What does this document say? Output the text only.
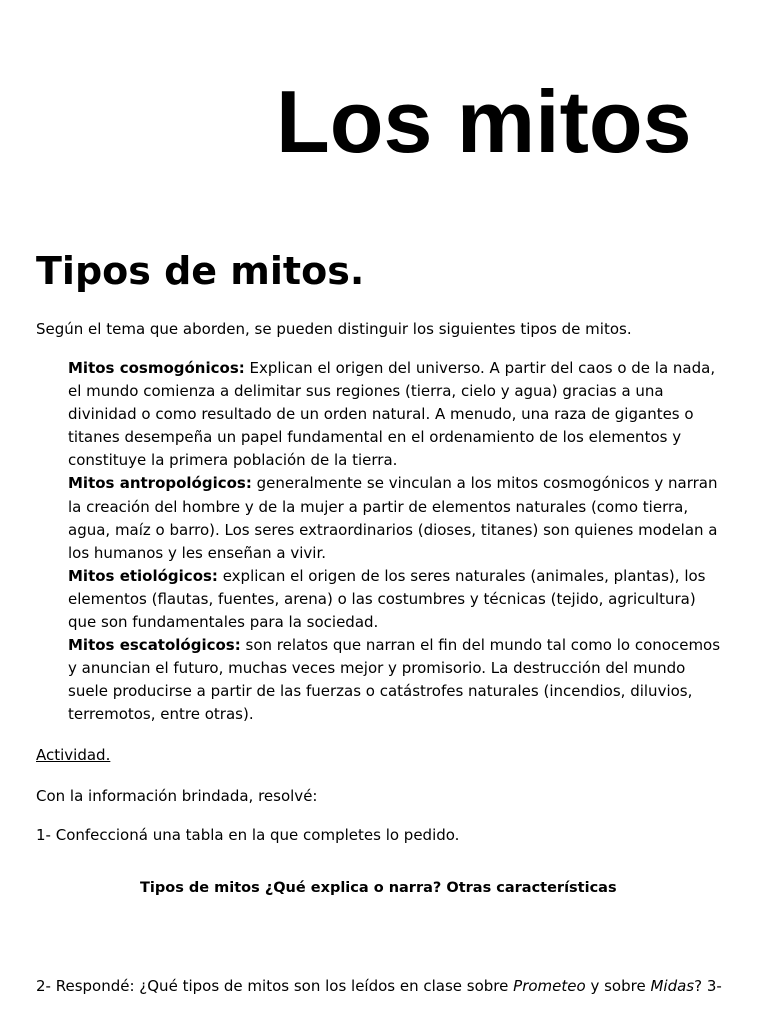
Los mitos
Tipos de mitos.

Según el tema que aborden, se pueden distinguir los siguientes tipos de mitos.

Mitos cosmogónicos: Explican el origen del universo. A partir del caos o de la nada, el mundo comienza a delimitar sus regiones (tierra, cielo y agua) gracias a una divinidad o como resultado de un orden natural. A menudo, una raza de gigantes o titanes desempeña un papel fundamental en el ordenamiento de los elementos y constituye la primera población de la tierra.

Mitos antropológicos: generalmente se vinculan a los mitos cosmogónicos y narran la creación del hombre y de la mujer a partir de elementos naturales (como tierra, agua, maíz o barro). Los seres extraordinarios (dioses, titanes) son quienes modelan a los humanos y les enseñan a vivir.

Mitos etiológicos: explican el origen de los seres naturales (animales, plantas), los elementos (flautas, fuentes, arena) o las costumbres y técnicas (tejido, agricultura) que son fundamentales para la sociedad.

Mitos escatológicos: son relatos que narran el fin del mundo tal como lo conocemos y anuncian el futuro, muchas veces mejor y promisorio. La destrucción del mundo suele producirse a partir de las fuerzas o catástrofes naturales (incendios, diluvios, terremotos, entre otras).

Actividad.

Con la información brindada, resolvé:

1- Confeccioná una tabla en la que completes lo pedido.

Tipos de mitos ¿Qué explica o narra? Otras características

2- Respondé: ¿Qué tipos de mitos son los leídos en clase sobre Prometeo y sobre Midas? 3-
